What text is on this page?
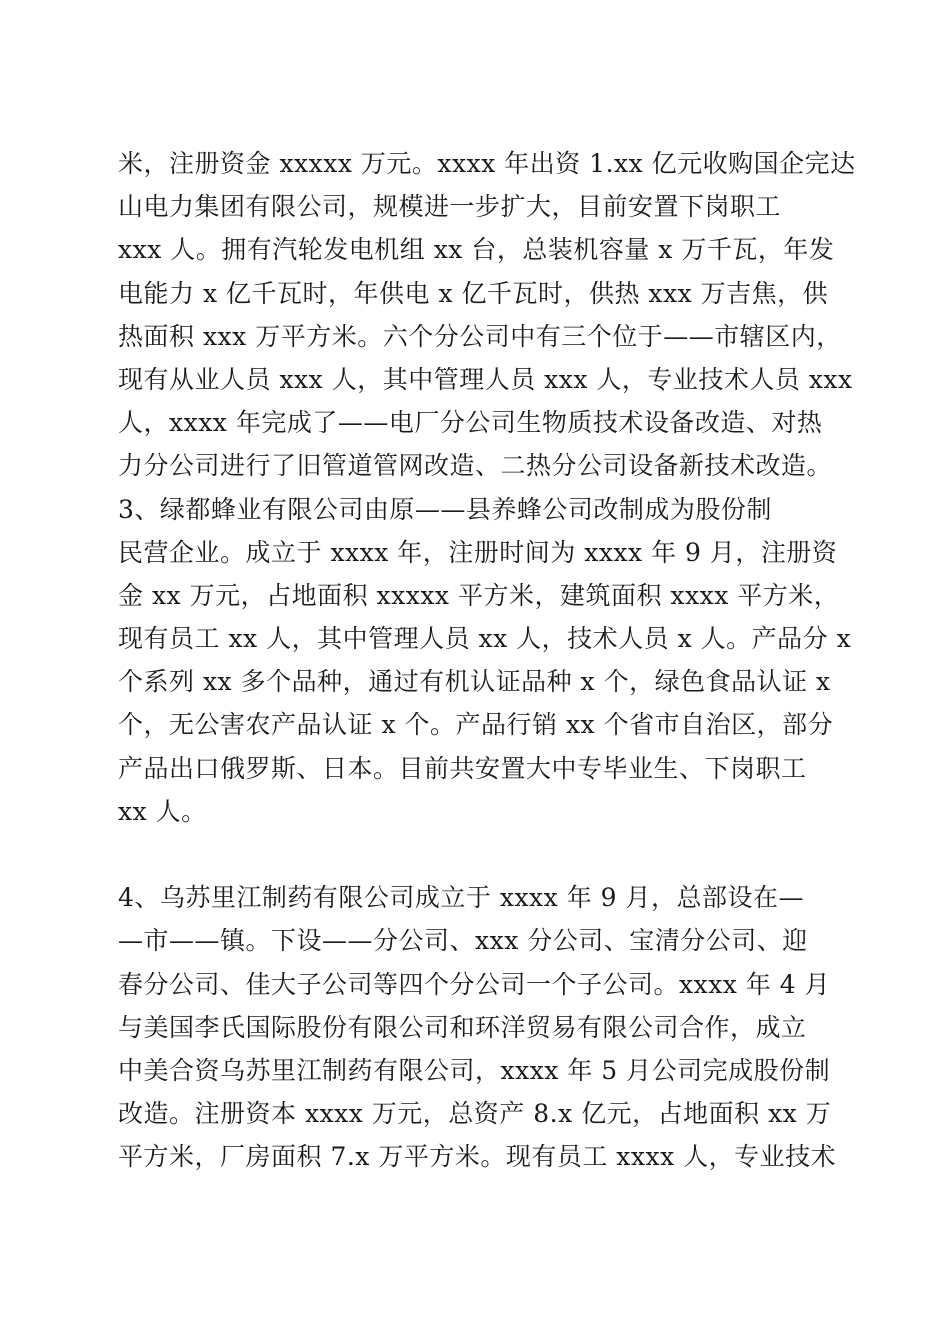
米，注册资金 xxxxx 万元。xxxx 年出资 1.xx 亿元收购国企完达
山电力集团有限公司，规模进一步扩大，目前安置下岗职工
xxx 人。拥有汽轮发电机组 xx 台，总装机容量 x 万千瓦，年发
电能力 x 亿千瓦时，年供电 x 亿千瓦时，供热 xxx 万吉焦，供
热面积 xxx 万平方米。六个分公司中有三个位于——市辖区内，
现有从业人员 xxx 人，其中管理人员 xxx 人，专业技术人员 xxx
人，xxxx 年完成了——电厂分公司生物质技术设备改造、对热
力分公司进行了旧管道管网改造、二热分公司设备新技术改造。
3、绿都蜂业有限公司由原——县养蜂公司改制成为股份制
民营企业。成立于 xxxx 年，注册时间为 xxxx 年 9 月，注册资
金 xx 万元，占地面积 xxxxx 平方米，建筑面积 xxxx 平方米，
现有员工 xx 人，其中管理人员 xx 人，技术人员 x 人。产品分 x
个系列 xx 多个品种，通过有机认证品种 x 个，绿色食品认证 x
个，无公害农产品认证 x 个。产品行销 xx 个省市自治区，部分
产品出口俄罗斯、日本。目前共安置大中专毕业生、下岗职工
xx 人。
4、乌苏里江制药有限公司成立于 xxxx 年 9 月，总部设在—
—市——镇。下设——分公司、xxx 分公司、宝清分公司、迎
春分公司、佳大子公司等四个分公司一个子公司。xxxx 年 4 月
与美国李氏国际股份有限公司和环洋贸易有限公司合作，成立
中美合资乌苏里江制药有限公司，xxxx 年 5 月公司完成股份制
改造。注册资本 xxxx 万元，总资产 8.x 亿元，占地面积 xx 万
平方米，厂房面积 7.x 万平方米。现有员工 xxxx 人，专业技术
